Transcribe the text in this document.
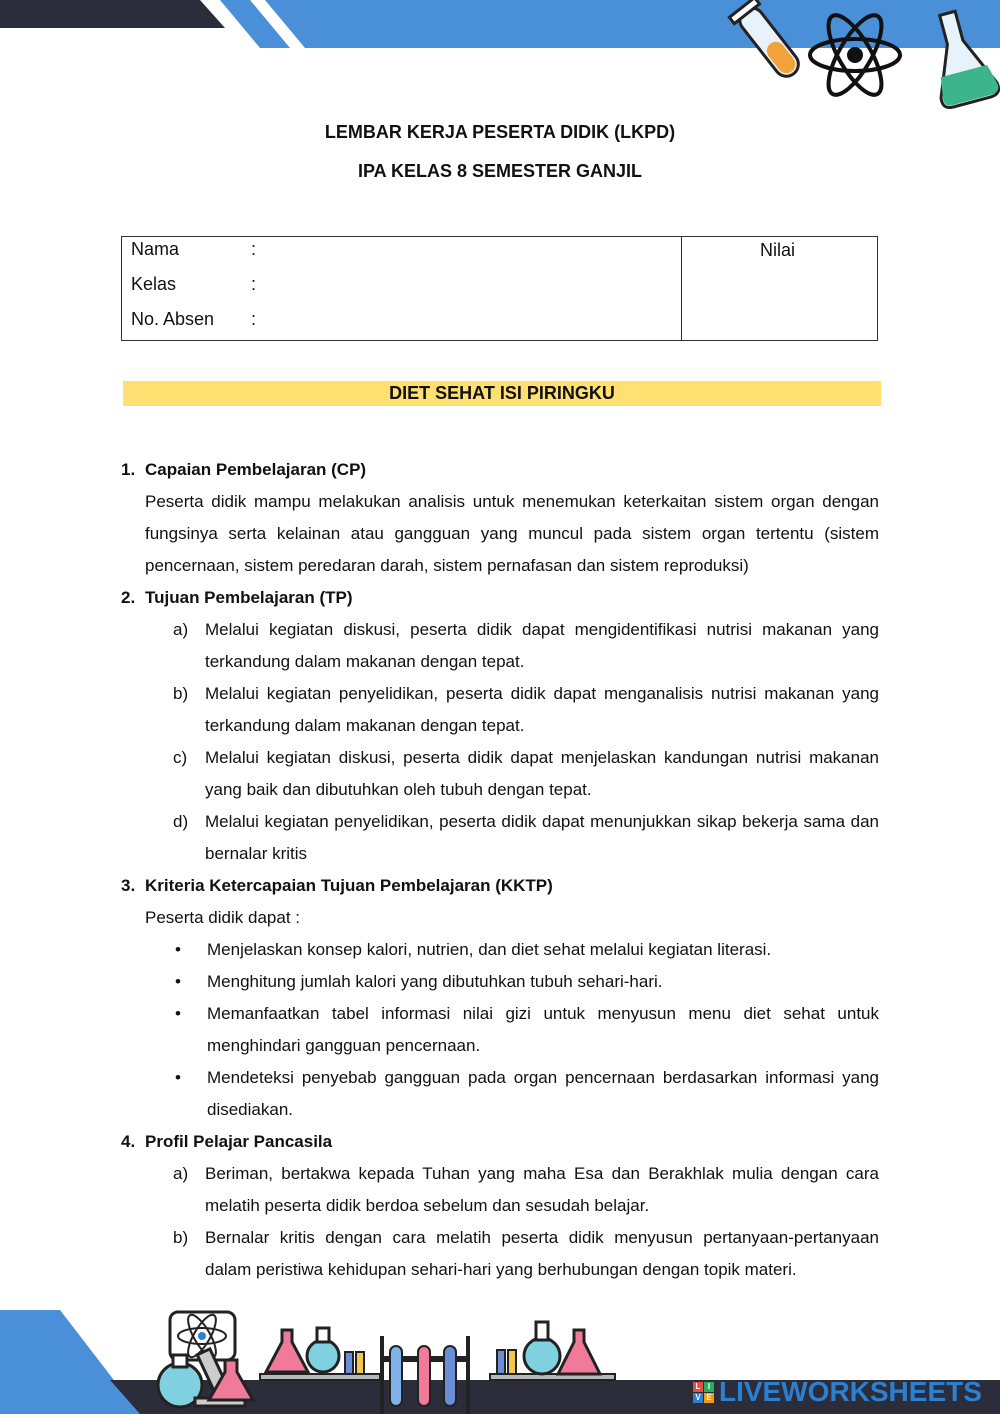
LEMBAR KERJA PESERTA DIDIK (LKPD)
IPA KELAS 8 SEMESTER GANJIL
Nama	:
Kelas	:
No. Absen :
Nilai
DIET SEHAT ISI PIRINGKU
1. Capaian Pembelajaran (CP)
Peserta didik mampu melakukan analisis untuk menemukan keterkaitan sistem organ dengan fungsinya serta kelainan atau gangguan yang muncul pada sistem organ tertentu (sistem pencernaan, sistem peredaran darah, sistem pernafasan dan sistem reproduksi)
2. Tujuan Pembelajaran (TP)
a) Melalui kegiatan diskusi, peserta didik dapat mengidentifikasi nutrisi makanan yang terkandung dalam makanan dengan tepat.
b) Melalui kegiatan penyelidikan, peserta didik dapat menganalisis nutrisi makanan yang terkandung dalam makanan dengan tepat.
c)	Melalui kegiatan diskusi, peserta didik dapat menjelaskan kandungan nutrisi makanan yang baik dan dibutuhkan oleh tubuh dengan tepat.
d) Melalui kegiatan penyelidikan, peserta didik dapat menunjukkan sikap bekerja sama dan bernalar kritis
3. Kriteria Ketercapaian Tujuan Pembelajaran (KKTP)
Peserta didik dapat :
•	Menjelaskan konsep kalori, nutrien, dan diet sehat melalui kegiatan literasi.
•	Menghitung jumlah kalori yang dibutuhkan tubuh sehari-hari.
•	Memanfaatkan tabel informasi nilai gizi untuk menyusun menu diet sehat untuk menghindari gangguan pencernaan.
•	Mendeteksi penyebab gangguan pada organ pencernaan berdasarkan informasi yang disediakan.
4. Profil Pelajar Pancasila
a) Beriman, bertakwa kepada Tuhan yang maha Esa dan Berakhlak mulia dengan cara melatih peserta didik berdoa sebelum dan sesudah belajar.
b) Bernalar kritis dengan cara melatih peserta didik menyusun pertanyaan-pertanyaan dalam peristiwa kehidupan sehari-hari yang berhubungan dengan topik materi.
L I
V E LIVEWORKSHEETS
